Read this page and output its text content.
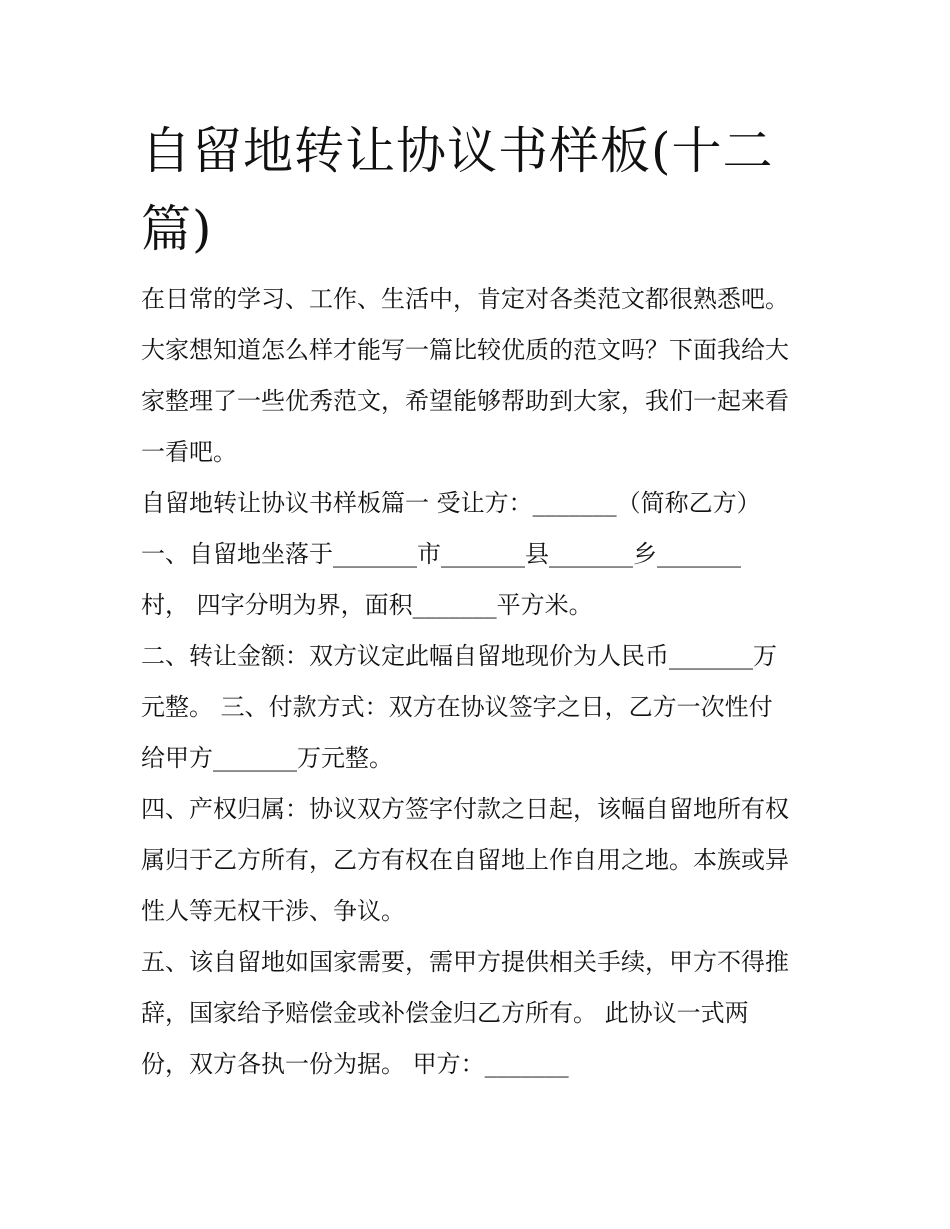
自留地转让协议书样板(十二
篇)

在日常的学习、工作、生活中，肯定对各类范文都很熟悉吧。
大家想知道怎么样才能写一篇比较优质的范文吗？下面我给大
家整理了一些优秀范文，希望能够帮助到大家，我们一起来看
一看吧。

自留地转让协议书样板篇一 受让方：_______（简称乙方）

一、自留地坐落于_______市_______县_______乡_______
村， 四字分明为界，面积_______平方米。

二、转让金额：双方议定此幅自留地现价为人民币_______万
元整。 三、付款方式：双方在协议签字之日，乙方一次性付
给甲方_______万元整。

四、产权归属：协议双方签字付款之日起，该幅自留地所有权
属归于乙方所有，乙方有权在自留地上作自用之地。本族或异
性人等无权干涉、争议。

五、该自留地如国家需要，需甲方提供相关手续，甲方不得推
辞，国家给予赔偿金或补偿金归乙方所有。 此协议一式两
份，双方各执一份为据。 甲方：_______
